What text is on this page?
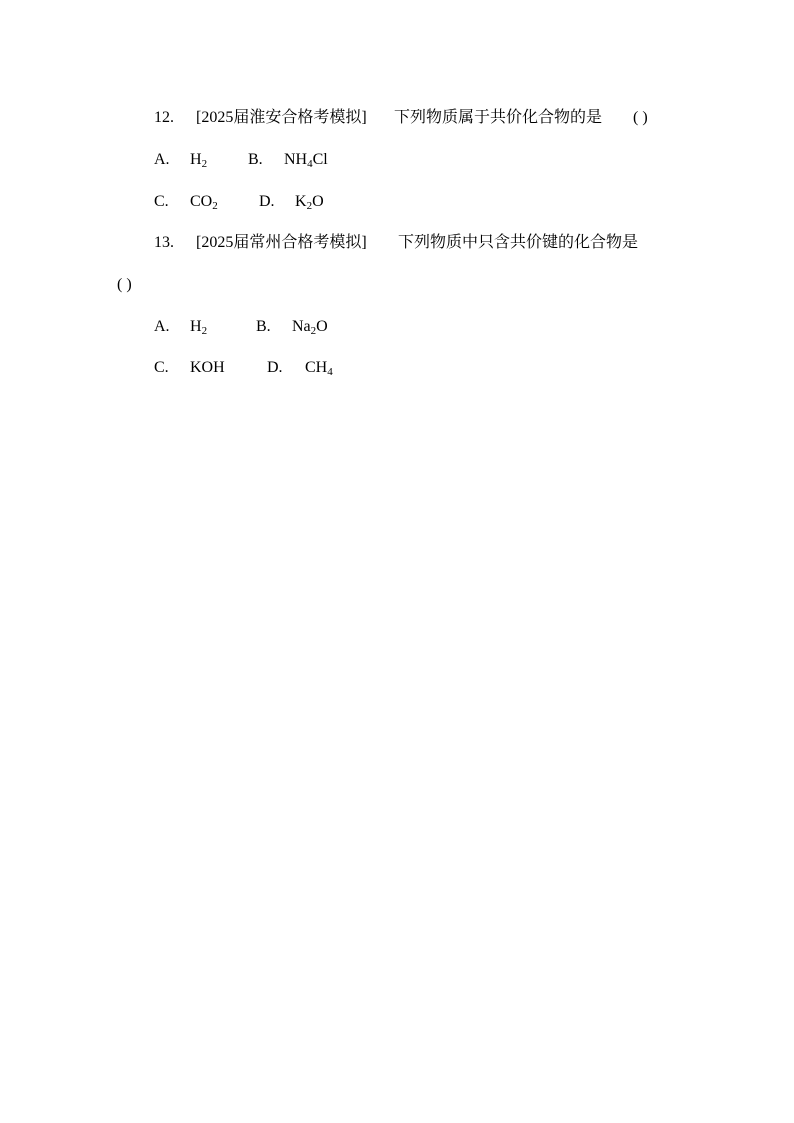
12. [2025届淮安合格考模拟] 下列物质属于共价化合物的是 ( )
A. $H_2$	B. $NH_4Cl$
C. $CO_2$	D. $K_2O$
13. [2025届常州合格考模拟] 下列物质中只含共价键的化合物是
( )
A. $H_2$	B. $Na_2O$
C. KOH	D. $CH_4$
